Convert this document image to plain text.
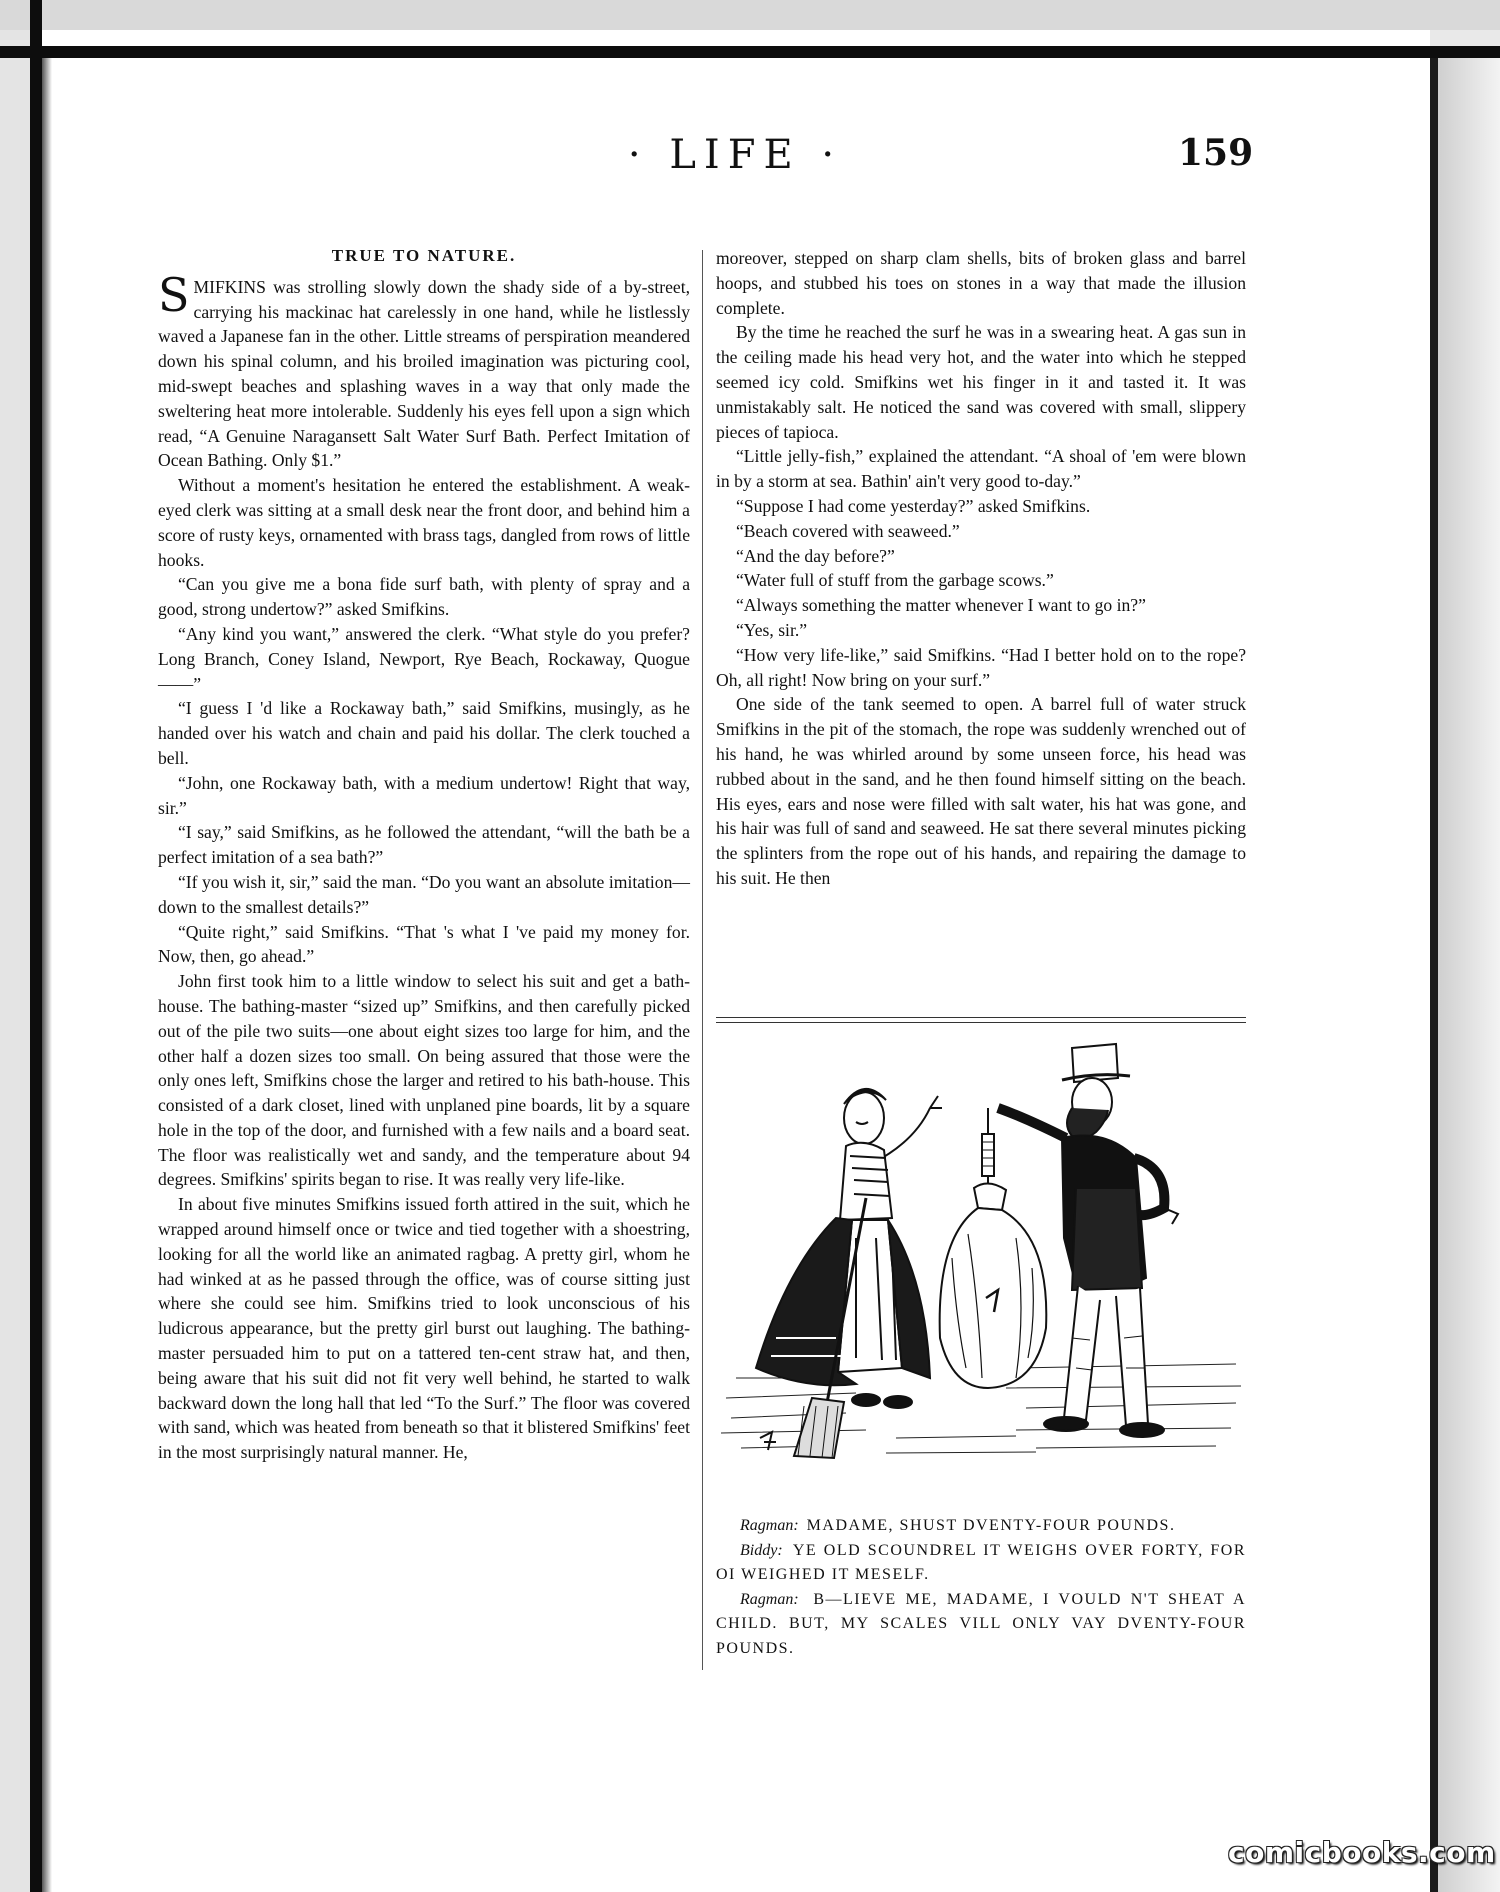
· LIFE ·	159

TRUE TO NATURE.

SMIFKINS was strolling slowly down the shady side of a by-street, carrying his mackinac hat carelessly in one hand, while he listlessly waved a Japanese fan in the other. Little streams of perspiration meandered down his spinal column, and his broiled imagination was picturing cool, mid-swept beaches and splashing waves in a way that only made the sweltering heat more intolerable. Suddenly his eyes fell upon a sign which read, “A Genuine Naragansett Salt Water Surf Bath. Perfect Imitation of Ocean Bathing. Only $1.”

Without a moment's hesitation he entered the establishment. A weak-eyed clerk was sitting at a small desk near the front door, and behind him a score of rusty keys, ornamented with brass tags, dangled from rows of little hooks.

“Can you give me a bona fide surf bath, with plenty of spray and a good, strong undertow?” asked Smifkins.

“Any kind you want,” answered the clerk. “What style do you prefer? Long Branch, Coney Island, Newport, Rye Beach, Rockaway, Quogue——”

“I guess I 'd like a Rockaway bath,” said Smifkins, musingly, as he handed over his watch and chain and paid his dollar. The clerk touched a bell.

“John, one Rockaway bath, with a medium undertow! Right that way, sir.”

“I say,” said Smifkins, as he followed the attendant, “will the bath be a perfect imitation of a sea bath?”

“If you wish it, sir,” said the man. “Do you want an absolute imitation—down to the smallest details?”

“Quite right,” said Smifkins. “That 's what I 've paid my money for. Now, then, go ahead.”

John first took him to a little window to select his suit and get a bath-house. The bathing-master “sized up” Smifkins, and then carefully picked out of the pile two suits—one about eight sizes too large for him, and the other half a dozen sizes too small. On being assured that those were the only ones left, Smifkins chose the larger and retired to his bath-house. This consisted of a dark closet, lined with unplaned pine boards, lit by a square hole in the top of the door, and furnished with a few nails and a board seat. The floor was realistically wet and sandy, and the temperature about 94 degrees. Smifkins' spirits began to rise. It was really very life-like.

In about five minutes Smifkins issued forth attired in the suit, which he wrapped around himself once or twice and tied together with a shoestring, looking for all the world like an animated ragbag. A pretty girl, whom he had winked at as he passed through the office, was of course sitting just where she could see him. Smifkins tried to look unconscious of his ludicrous appearance, but the pretty girl burst out laughing. The bathing-master persuaded him to put on a tattered ten-cent straw hat, and then, being aware that his suit did not fit very well behind, he started to walk backward down the long hall that led “To the Surf.” The floor was covered with sand, which was heated from beneath so that it blistered Smifkins' feet in the most surprisingly natural manner. He,

moreover, stepped on sharp clam shells, bits of broken glass and barrel hoops, and stubbed his toes on stones in a way that made the illusion complete.

By the time he reached the surf he was in a swearing heat. A gas sun in the ceiling made his head very hot, and the water into which he stepped seemed icy cold. Smifkins wet his finger in it and tasted it. It was unmistakably salt. He noticed the sand was covered with small, slippery pieces of tapioca.

“Little jelly-fish,” explained the attendant. “A shoal of 'em were blown in by a storm at sea. Bathin' ain't very good to-day.”

“Suppose I had come yesterday?” asked Smifkins.

“Beach covered with seaweed.”

“And the day before?”

“Water full of stuff from the garbage scows.”

“Always something the matter whenever I want to go in?”

“Yes, sir.”

“How very life-like,” said Smifkins. “Had I better hold on to the rope? Oh, all right! Now bring on your surf.”

One side of the tank seemed to open. A barrel full of water struck Smifkins in the pit of the stomach, the rope was suddenly wrenched out of his hand, he was whirled around by some unseen force, his head was rubbed about in the sand, and he then found himself sitting on the beach. His eyes, ears and nose were filled with salt water, his hat was gone, and his hair was full of sand and seaweed. He sat there several minutes picking the splinters from the rope out of his hands, and repairing the damage to his suit. He then

Ragman: MADAME, SHUST DVENTY-FOUR POUNDS.

Biddy: YE OLD SCOUNDREL IT WEIGHS OVER FORTY, FOR OI WEIGHED IT MESELF.

Ragman: B—LIEVE ME, MADAME, I VOULD N'T SHEAT A CHILD. BUT, MY SCALES VILL ONLY VAY DVENTY-FOUR POUNDS.

comicbooks.com
